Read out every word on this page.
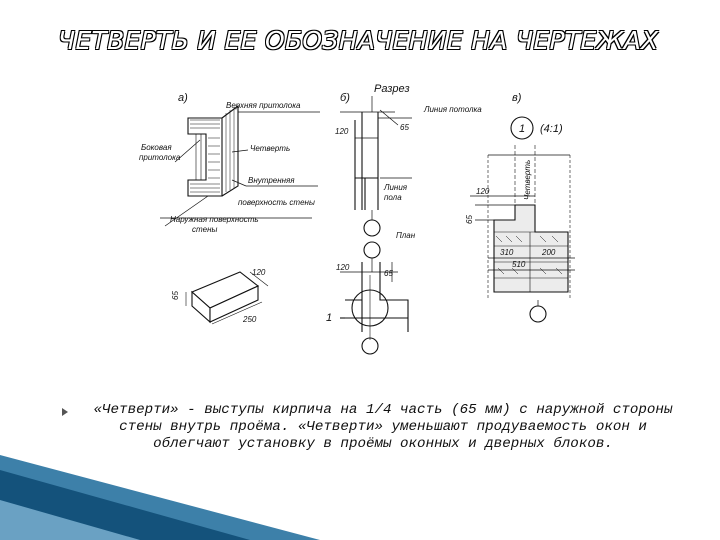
ЧЕТВЕРТЬ И ЕЕ ОБОЗНАЧЕНИЕ НА ЧЕРТЕЖАХ
а)
Верхняя притолока
Боковая
притолока
Четверть
Внутренняя
поверхность стены
Наружная поверхность
стены
120
65
250
б)
Разрез
Линия потолка
120	65
Линия
пола
План
120
65
1
в)
1 (4:1)
Четверть
120
65
310	200
510
«Четверти» - выступы кирпича на 1/4 часть (65 мм) с наружной стороны стены внутрь проёма. «Четверти» уменьшают продуваемость окон и облегчают установку в проёмы оконных и дверных блоков.
